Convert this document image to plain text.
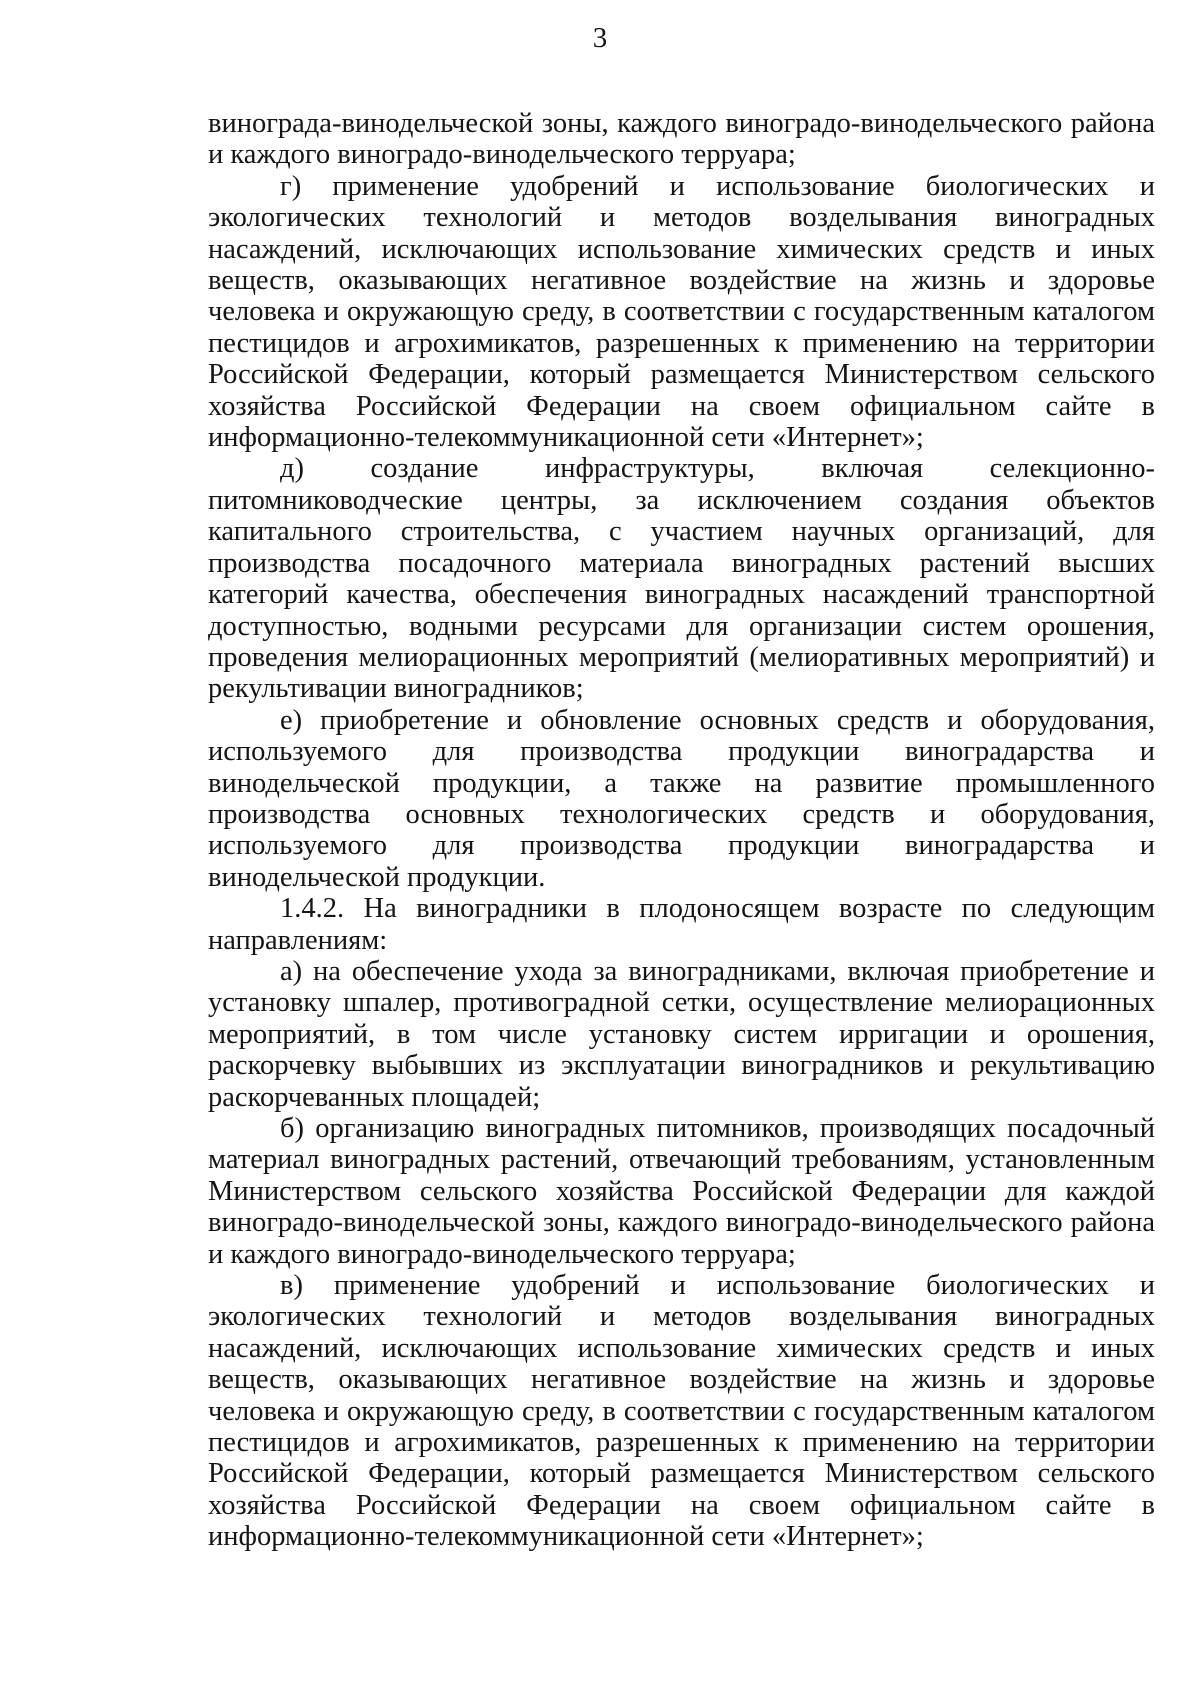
3

винограда-винодельческой зоны, каждого виноградо-винодельческого района и каждого виноградо-винодельческого терруара;

г) применение удобрений и использование биологических и экологических технологий и методов возделывания виноградных насаждений, исключающих использование химических средств и иных веществ, оказывающих негативное воздействие на жизнь и здоровье человека и окружающую среду, в соответствии с государственным каталогом пестицидов и агрохимикатов, разрешенных к применению на территории Российской Федерации, который размещается Министерством сельского хозяйства Российской Федерации на своем официальном сайте в информационно-телекоммуникационной сети «Интернет»;

д) создание инфраструктуры, включая селекционно-питомниководческие центры, за исключением создания объектов капитального строительства, с участием научных организаций, для производства посадочного материала виноградных растений высших категорий качества, обеспечения виноградных насаждений транспортной доступностью, водными ресурсами для организации систем орошения, проведения мелиорационных мероприятий (мелиоративных мероприятий) и рекультивации виноградников;

е) приобретение и обновление основных средств и оборудования, используемого для производства продукции виноградарства и винодельческой продукции, а также на развитие промышленного производства основных технологических средств и оборудования, используемого для производства продукции виноградарства и винодельческой продукции.

1.4.2. На виноградники в плодоносящем возрасте по следующим направлениям:

а) на обеспечение ухода за виноградниками, включая приобретение и установку шпалер, противоградной сетки, осуществление мелиорационных мероприятий, в том числе установку систем ирригации и орошения, раскорчевку выбывших из эксплуатации виноградников и рекультивацию раскорчеванных площадей;

б) организацию виноградных питомников, производящих посадочный материал виноградных растений, отвечающий требованиям, установленным Министерством сельского хозяйства Российской Федерации для каждой виноградо-винодельческой зоны, каждого виноградо-винодельческого района и каждого виноградо-винодельческого терруара;

в) применение удобрений и использование биологических и экологических технологий и методов возделывания виноградных насаждений, исключающих использование химических средств и иных веществ, оказывающих негативное воздействие на жизнь и здоровье человека и окружающую среду, в соответствии с государственным каталогом пестицидов и агрохимикатов, разрешенных к применению на территории Российской Федерации, который размещается Министерством сельского хозяйства Российской Федерации на своем официальном сайте в информационно-телекоммуникационной сети «Интернет»;
